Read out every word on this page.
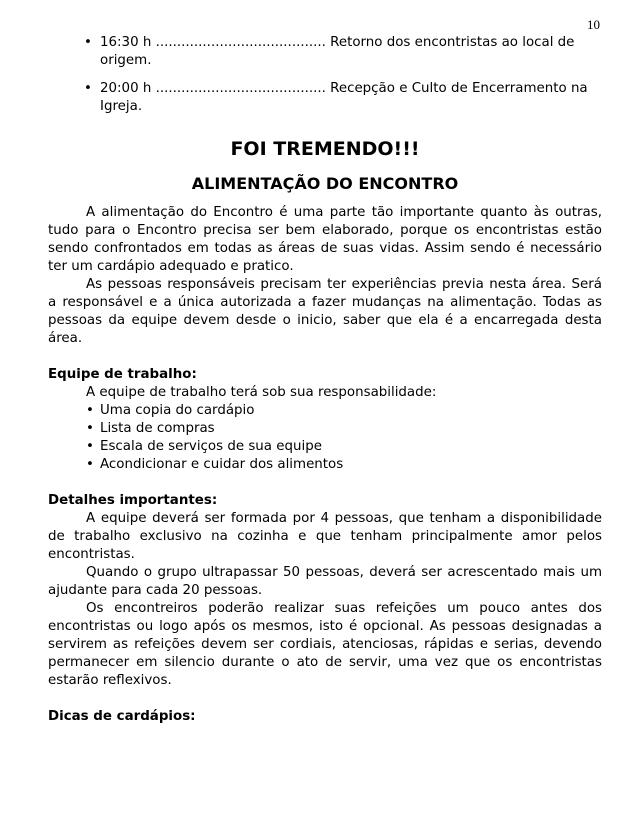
10
• 16:30 h ........................................ Retorno dos encontristas ao local de origem.
• 20:00 h ........................................ Recepção e Culto de Encerramento na Igreja.
FOI TREMENDO!!!
ALIMENTAÇÃO DO ENCONTRO

A alimentação do Encontro é uma parte tão importante quanto às outras, tudo para o Encontro precisa ser bem elaborado, porque os encontristas estão sendo confrontados em todas as áreas de suas vidas. Assim sendo é necessário ter um cardápio adequado e pratico.

As pessoas responsáveis precisam ter experiências previa nesta área. Será a responsável e a única autorizada a fazer mudanças na alimentação. Todas as pessoas da equipe devem desde o inicio, saber que ela é a encarregada desta área.

Equipe de trabalho:
A equipe de trabalho terá sob sua responsabilidade:
• Uma copia do cardápio
• Lista de compras
• Escala de serviços de sua equipe
• Acondicionar e cuidar dos alimentos
Detalhes importantes:

A equipe deverá ser formada por 4 pessoas, que tenham a disponibilidade de trabalho exclusivo na cozinha e que tenham principalmente amor pelos encontristas.

Quando o grupo ultrapassar 50 pessoas, deverá ser acrescentado mais um ajudante para cada 20 pessoas.

Os encontreiros poderão realizar suas refeições um pouco antes dos encontristas ou logo após os mesmos, isto é opcional. As pessoas designadas a servirem as refeições devem ser cordiais, atenciosas, rápidas e serias, devendo permanecer em silencio durante o ato de servir, uma vez que os encontristas estarão reflexivos.

Dicas de cardápios:
